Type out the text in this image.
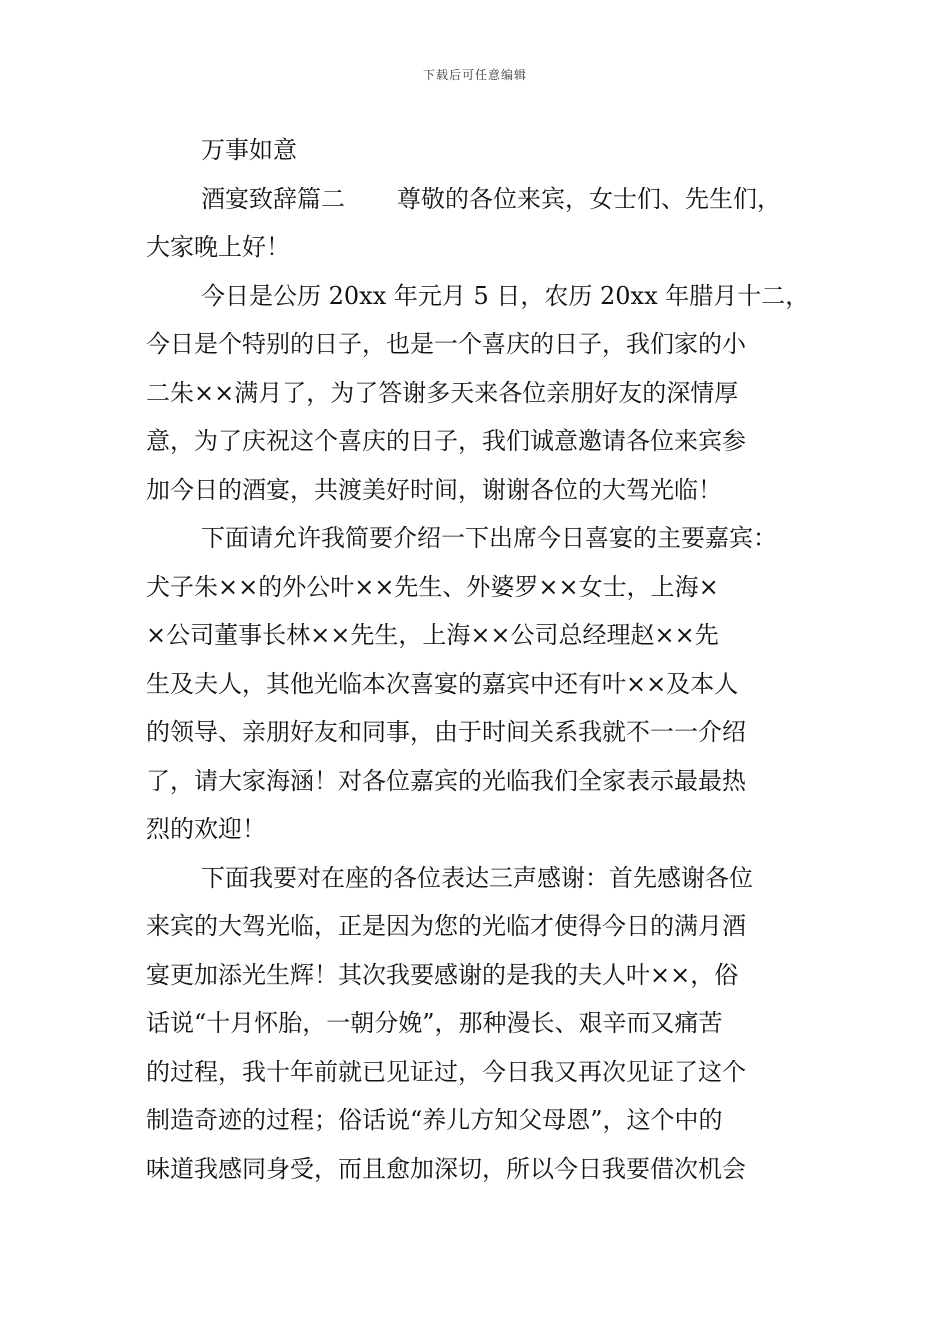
下载后可任意编辑
万事如意
酒宴致辞篇二 尊敬的各位来宾，女士们、先生们，
大家晚上好！
今日是公历 20xx 年元月 5 日，农历 20xx 年腊月十二，
今日是个特别的日子，也是一个喜庆的日子，我们家的小
二朱××满月了，为了答谢多天来各位亲朋好友的深情厚
意，为了庆祝这个喜庆的日子，我们诚意邀请各位来宾参
加今日的酒宴，共渡美好时间，谢谢各位的大驾光临！
下面请允许我简要介绍一下出席今日喜宴的主要嘉宾：
犬子朱××的外公叶××先生、外婆罗××女士，上海×
×公司董事长林××先生，上海××公司总经理赵××先
生及夫人，其他光临本次喜宴的嘉宾中还有叶××及本人
的领导、亲朋好友和同事，由于时间关系我就不一一介绍
了，请大家海涵！对各位嘉宾的光临我们全家表示最最热
烈的欢迎！
下面我要对在座的各位表达三声感谢：首先感谢各位
来宾的大驾光临，正是因为您的光临才使得今日的满月酒
宴更加添光生辉！其次我要感谢的是我的夫人叶××，俗
话说“十月怀胎，一朝分娩”，那种漫长、艰辛而又痛苦
的过程，我十年前就已见证过，今日我又再次见证了这个
制造奇迹的过程；俗话说“养儿方知父母恩”，这个中的
味道我感同身受，而且愈加深切，所以今日我要借次机会
